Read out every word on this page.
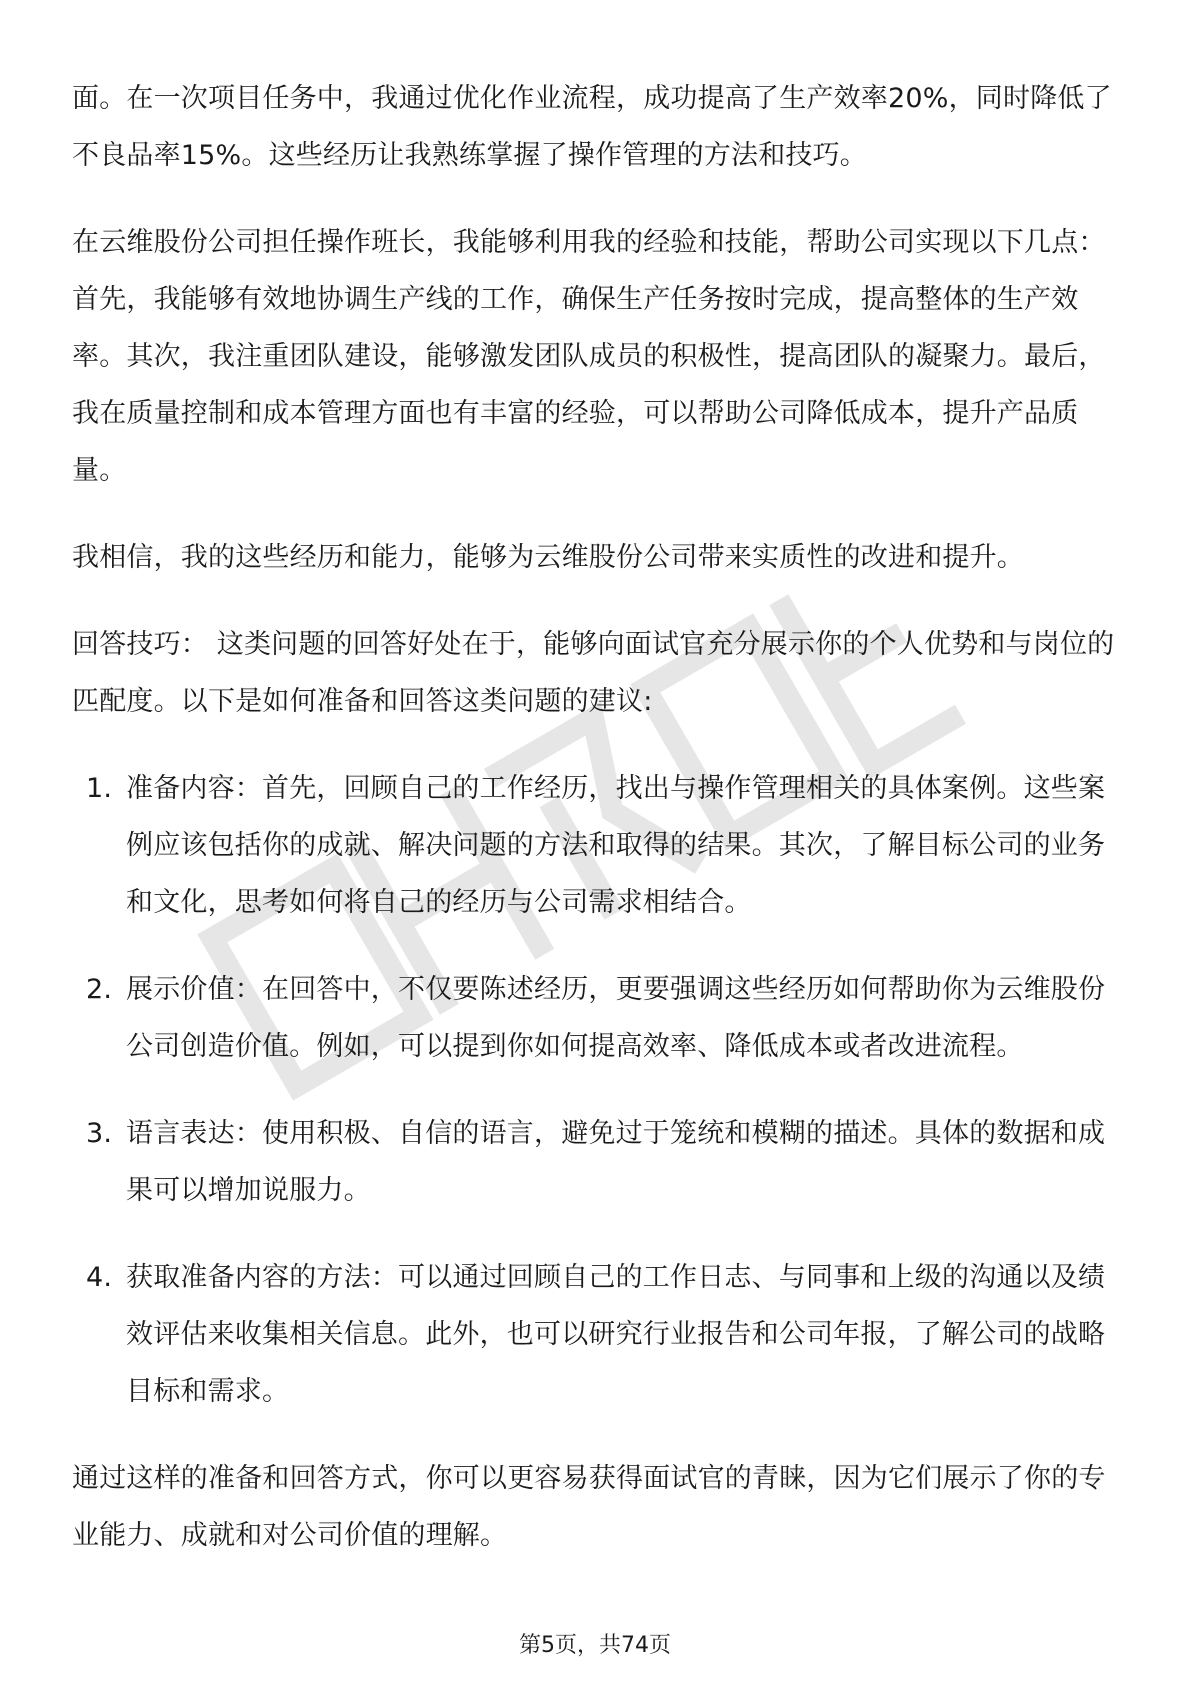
面。在一次项目任务中，我通过优化作业流程，成功提高了生产效率20%，同时降低了不良品率15%。这些经历让我熟练掌握了操作管理的方法和技巧。

在云维股份公司担任操作班长，我能够利用我的经验和技能，帮助公司实现以下几点： 首先，我能够有效地协调生产线的工作，确保生产任务按时完成，提高整体的生产效率。其次，我注重团队建设，能够激发团队成员的积极性，提高团队的凝聚力。最后，我在质量控制和成本管理方面也有丰富的经验，可以帮助公司降低成本，提升产品质量。

我相信，我的这些经历和能力，能够为云维股份公司带来实质性的改进和提升。

回答技巧： 这类问题的回答好处在于，能够向面试官充分展示你的个人优势和与岗位的匹配度。以下是如何准备和回答这类问题的建议:

1. 准备内容：首先，回顾自己的工作经历，找出与操作管理相关的具体案例。这些案例应该包括你的成就、解决问题的方法和取得的结果。其次，了解目标公司的业务和文化，思考如何将自己的经历与公司需求相结合。
2. 展示价值：在回答中，不仅要陈述经历，更要强调这些经历如何帮助你为云维股份公司创造价值。例如，可以提到你如何提高效率、降低成本或者改进流程。
3. 语言表达：使用积极、自信的语言，避免过于笼统和模糊的描述。具体的数据和成果可以增加说服力。
4. 获取准备内容的方法：可以通过回顾自己的工作日志、与同事和上级的沟通以及绩效评估来收集相关信息。此外，也可以研究行业报告和公司年报，了解公司的战略目标和需求。

通过这样的准备和回答方式，你可以更容易获得面试官的青睐，因为它们展示了你的专业能力、成就和对公司价值的理解。

第5页，共74页
